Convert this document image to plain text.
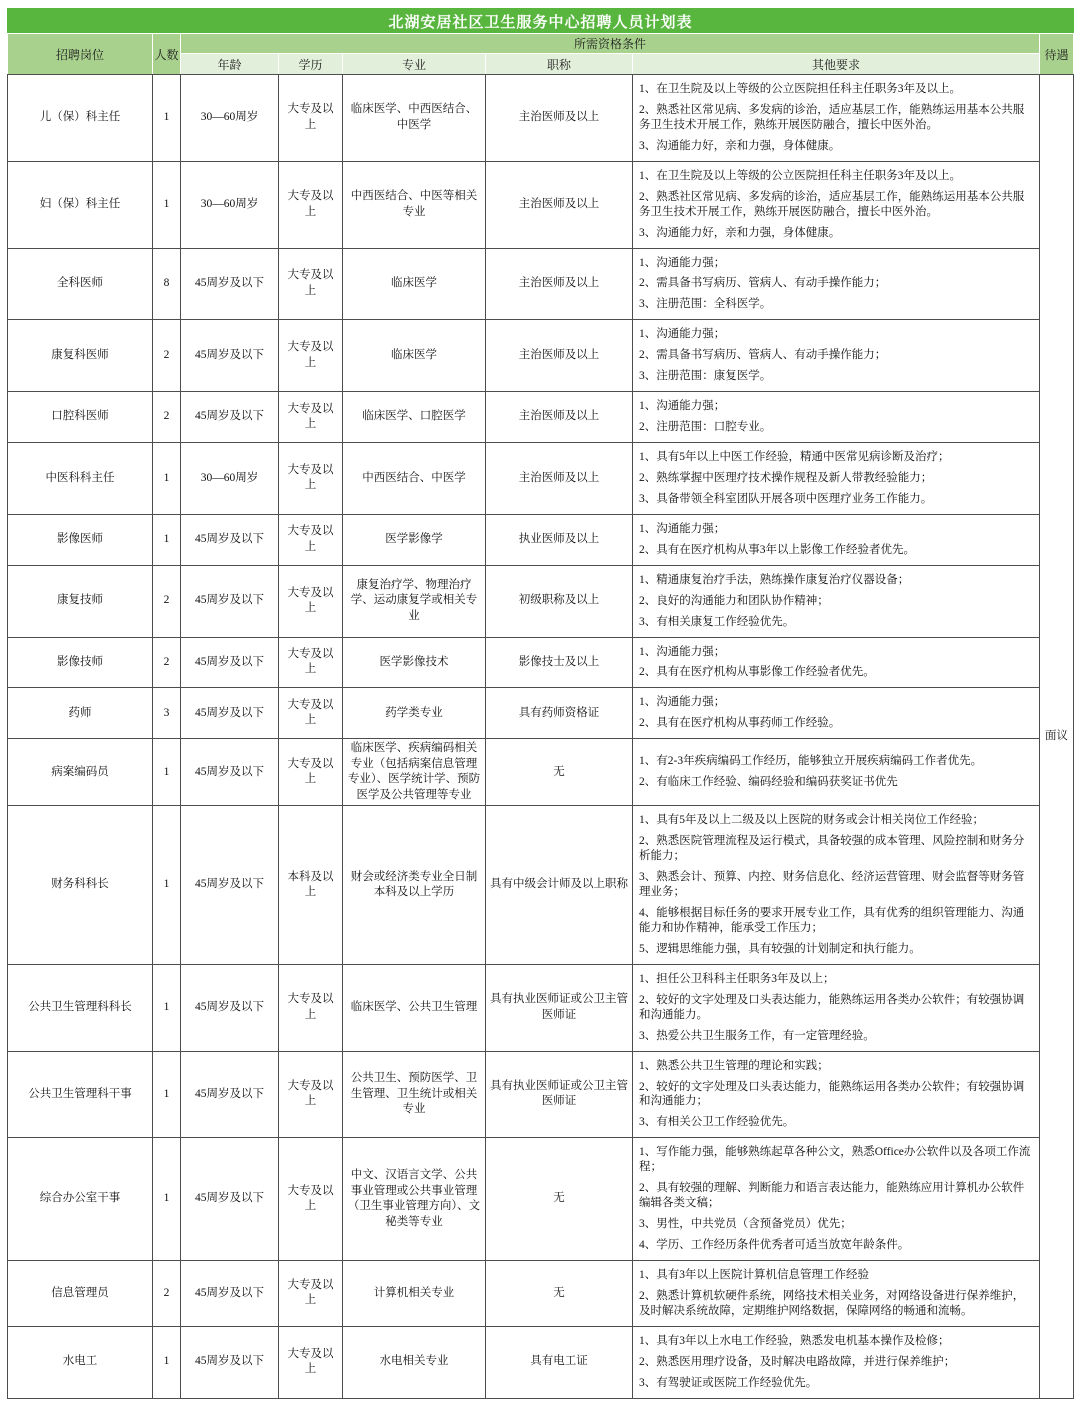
北湖安居社区卫生服务中心招聘人员计划表							
招聘岗位	人数	所需资格条件					待遇
		年龄	学历	专业	职称	其他要求	
儿（保）科主任	1	30—60周岁	大专及以上	临床医学、中西医结合、中医学	主治医师及以上	1、在卫生院及以上等级的公立医院担任科主任职务3年及以上。
2、熟悉社区常见病、多发病的诊治，适应基层工作，能熟练运用基本公共服务卫生技术开展工作，熟练开展医防融合，擅长中医外治。
3、沟通能力好，亲和力强，身体健康。	面议
妇（保）科主任	1	30—60周岁	大专及以上	中西医结合、中医等相关专业	主治医师及以上	1、在卫生院及以上等级的公立医院担任科主任职务3年及以上。
2、熟悉社区常见病、多发病的诊治，适应基层工作，能熟练运用基本公共服务卫生技术开展工作，熟练开展医防融合，擅长中医外治。
3、沟通能力好，亲和力强，身体健康。	

全科医师	8	45周岁及以下	大专及以上	临床医学	主治医师及以上	1、沟通能力强；
2、需具备书写病历、管病人、有动手操作能力；
3、注册范围：全科医学。	

康复科医师	2	45周岁及以下	大专及以上	临床医学	主治医师及以上	1、沟通能力强；
2、需具备书写病历、管病人、有动手操作能力；
3、注册范围：康复医学。	

口腔科医师	2	45周岁及以下	大专及以上	临床医学、口腔医学	主治医师及以上	1、沟通能力强；
2、注册范围：口腔专业。	

中医科科主任	1	30—60周岁	大专及以上	中西医结合、中医学	主治医师及以上	1、具有5年以上中医工作经验，精通中医常见病诊断及治疗；
2、熟练掌握中医理疗技术操作规程及新人带教经验能力；
3、具备带领全科室团队开展各项中医理疗业务工作能力。	

影像医师	1	45周岁及以下	大专及以上	医学影像学	执业医师及以上	1、沟通能力强；
2、具有在医疗机构从事3年以上影像工作经验者优先。	

康复技师	2	45周岁及以下	大专及以上	康复治疗学、物理治疗学、运动康复学或相关专业	初级职称及以上	1、精通康复治疗手法，熟练操作康复治疗仪器设备；
2、良好的沟通能力和团队协作精神；
3、有相关康复工作经验优先。	

影像技师	2	45周岁及以下	大专及以上	医学影像技术	影像技士及以上	1、沟通能力强；
2、具有在医疗机构从事影像工作经验者优先。	

药师	3	45周岁及以下	大专及以上	药学类专业	具有药师资格证	1、沟通能力强；
2、具有在医疗机构从事药师工作经验。	

病案编码员	1	45周岁及以下	大专及以上	临床医学、疾病编码相关专业（包括病案信息管理专业）、医学统计学、预防医学及公共管理等专业	无	1、有2-3年疾病编码工作经历，能够独立开展疾病编码工作者优先。
2、有临床工作经验、编码经验和编码获奖证书优先	

财务科科长	1	45周岁及以下	本科及以上	财会或经济类专业全日制本科及以上学历	具有中级会计师及以上职称	1、具有5年及以上二级及以上医院的财务或会计相关岗位工作经验；
2、熟悉医院管理流程及运行模式，具备较强的成本管理、风险控制和财务分析能力；
3、熟悉会计、预算、内控、财务信息化、经济运营管理、财会监督等财务管理业务；
4、能够根据目标任务的要求开展专业工作，具有优秀的组织管理能力、沟通能力和协作精神，能承受工作压力；
5、逻辑思维能力强，具有较强的计划制定和执行能力。	

公共卫生管理科科长	1	45周岁及以下	大专及以上	临床医学、公共卫生管理	具有执业医师证或公卫主管医师证	1、担任公卫科科主任职务3年及以上；
2、较好的文字处理及口头表达能力，能熟练运用各类办公软件；有较强协调和沟通能力。
3、热爱公共卫生服务工作，有一定管理经验。	

公共卫生管理科干事	1	45周岁及以下	大专及以上	公共卫生、预防医学、卫生管理、卫生统计或相关专业	具有执业医师证或公卫主管医师证	1、熟悉公共卫生管理的理论和实践；
2、较好的文字处理及口头表达能力，能熟练运用各类办公软件；有较强协调和沟通能力；
3、有相关公卫工作经验优先。	

综合办公室干事	1	45周岁及以下	大专及以上	中文、汉语言文学、公共事业管理或公共事业管理（卫生事业管理方向）、文秘类等专业	无	1、写作能力强，能够熟练起草各种公文，熟悉Office办公软件以及各项工作流程；
2、具有较强的理解、判断能力和语言表达能力，能熟练应用计算机办公软件编辑各类文稿；
3、男性，中共党员（含预备党员）优先；
4、学历、工作经历条件优秀者可适当放宽年龄条件。	

信息管理员	2	45周岁及以下	大专及以上	计算机相关专业	无	1、具有3年以上医院计算机信息管理工作经验
2、熟悉计算机软硬件系统，网络技术相关业务，对网络设备进行保养维护，及时解决系统故障，定期维护网络数据，保障网络的畅通和流畅。	

水电工	1	45周岁及以下	大专及以上	水电相关专业	具有电工证	1、具有3年以上水电工作经验，熟悉发电机基本操作及检修；
2、熟悉医用理疗设备，及时解决电路故障，并进行保养维护；
3、有驾驶证或医院工作经验优先。	
